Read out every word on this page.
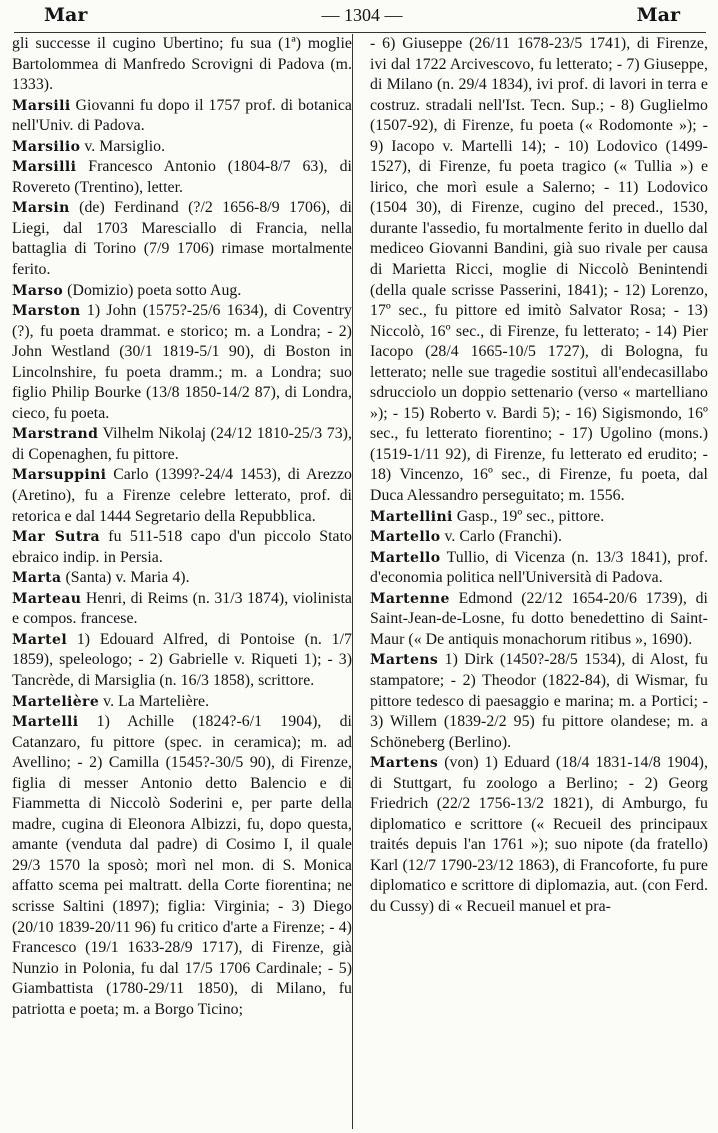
Mar	— 1304 —	Mar

gli successe il cugino Ubertino; fu sua (1ª) moglie Bartolommea di Manfredo Scrovigni di Padova (m. 1333).

Marsili Giovanni fu dopo il 1757 prof. di botanica nell'Univ. di Padova.

Marsilio v. Marsiglio.

Marsilli Francesco Antonio (1804-8/7 63), di Rovereto (Trentino), letter.

Marsin (de) Ferdinand (?/2 1656-8/9 1706), di Liegi, dal 1703 Maresciallo di Francia, nella battaglia di Torino (7/9 1706) rimase mortalmente ferito.

Marso (Domizio) poeta sotto Aug.

Marston 1) John (1575?-25/6 1634), di Coventry (?), fu poeta drammat. e storico; m. a Londra; - 2) John Westland (30/1 1819-5/1 90), di Boston in Lincolnshire, fu poeta dramm.; m. a Londra; suo figlio Philip Bourke (13/8 1850-14/2 87), di Londra, cieco, fu poeta.

Marstrand Vilhelm Nikolaj (24/12 1810-25/3 73), di Copenaghen, fu pittore.

Marsuppini Carlo (1399?-24/4 1453), di Arezzo (Aretino), fu a Firenze celebre letterato, prof. di retorica e dal 1444 Segretario della Repubblica.

Mar Sutra fu 511-518 capo d'un piccolo Stato ebraico indip. in Persia.

Marta (Santa) v. Maria 4).

Marteau Henri, di Reims (n. 31/3 1874), violinista e compos. francese.

Martel 1) Edouard Alfred, di Pontoise (n. 1/7 1859), speleologo; - 2) Gabrielle v. Riqueti 1); - 3) Tancrède, di Marsiglia (n. 16/3 1858), scrittore.

Martelière v. La Martelière.

Martelli 1) Achille (1824?-6/1 1904), di Catanzaro, fu pittore (spec. in ceramica); m. ad Avellino; - 2) Camilla (1545?-30/5 90), di Firenze, figlia di messer Antonio detto Balencio e di Fiammetta di Niccolò Soderini e, per parte della madre, cugina di Eleonora Albizzi, fu, dopo questa, amante (venduta dal padre) di Cosimo I, il quale 29/3 1570 la sposò; morì nel mon. di S. Monica affatto scema pei maltratt. della Corte fiorentina; ne scrisse Saltini (1897); figlia: Virginia; - 3) Diego (20/10 1839-20/11 96) fu critico d'arte a Firenze; - 4) Francesco (19/1 1633-28/9 1717), di Firenze, già Nunzio in Polonia, fu dal 17/5 1706 Cardinale; - 5) Giambattista (1780-29/11 1850), di Milano, fu patriotta e poeta; m. a Borgo Ticino;

- 6) Giuseppe (26/11 1678-23/5 1741), di Firenze, ivi dal 1722 Arcivescovo, fu letterato; - 7) Giuseppe, di Milano (n. 29/4 1834), ivi prof. di lavori in terra e costruz. stradali nell'Ist. Tecn. Sup.; - 8) Guglielmo (1507-92), di Firenze, fu poeta (« Rodomonte »); - 9) Iacopo v. Martelli 14); - 10) Lodovico (1499-1527), di Firenze, fu poeta tragico (« Tullia ») e lirico, che morì esule a Salerno; - 11) Lodovico (1504 30), di Firenze, cugino del preced., 1530, durante l'assedio, fu mortalmente ferito in duello dal mediceo Giovanni Bandini, già suo rivale per causa di Marietta Ricci, moglie di Niccolò Benintendi (della quale scrisse Passerini, 1841); - 12) Lorenzo, 17º sec., fu pittore ed imitò Salvator Rosa; - 13) Niccolò, 16º sec., di Firenze, fu letterato; - 14) Pier Iacopo (28/4 1665-10/5 1727), di Bologna, fu letterato; nelle sue tragedie sostituì all'endecasillabo sdrucciolo un doppio settenario (verso « martelliano »); - 15) Roberto v. Bardi 5); - 16) Sigismondo, 16º sec., fu letterato fiorentino; - 17) Ugolino (mons.) (1519-1/11 92), di Firenze, fu letterato ed erudito; - 18) Vincenzo, 16º sec., di Firenze, fu poeta, dal Duca Alessandro perseguitato; m. 1556.

Martellini Gasp., 19º sec., pittore.

Martello v. Carlo (Franchi).

Martello Tullio, di Vicenza (n. 13/3 1841), prof. d'economia politica nell'Università di Padova.

Martenne Edmond (22/12 1654-20/6 1739), di Saint-Jean-de-Losne, fu dotto benedettino di Saint-Maur (« De antiquis monachorum ritibus », 1690).

Martens 1) Dirk (1450?-28/5 1534), di Alost, fu stampatore; - 2) Theodor (1822-84), di Wismar, fu pittore tedesco di paesaggio e marina; m. a Portici; - 3) Willem (1839-2/2 95) fu pittore olandese; m. a Schöneberg (Berlino).

Martens (von) 1) Eduard (18/4 1831-14/8 1904), di Stuttgart, fu zoologo a Berlino; - 2) Georg Friedrich (22/2 1756-13/2 1821), di Amburgo, fu diplomatico e scrittore (« Recueil des principaux traités depuis l'an 1761 »); suo nipote (da fratello) Karl (12/7 1790-23/12 1863), di Francoforte, fu pure diplomatico e scrittore di diplomazia, aut. (con Ferd. du Cussy) di « Recueil manuel et pra-
